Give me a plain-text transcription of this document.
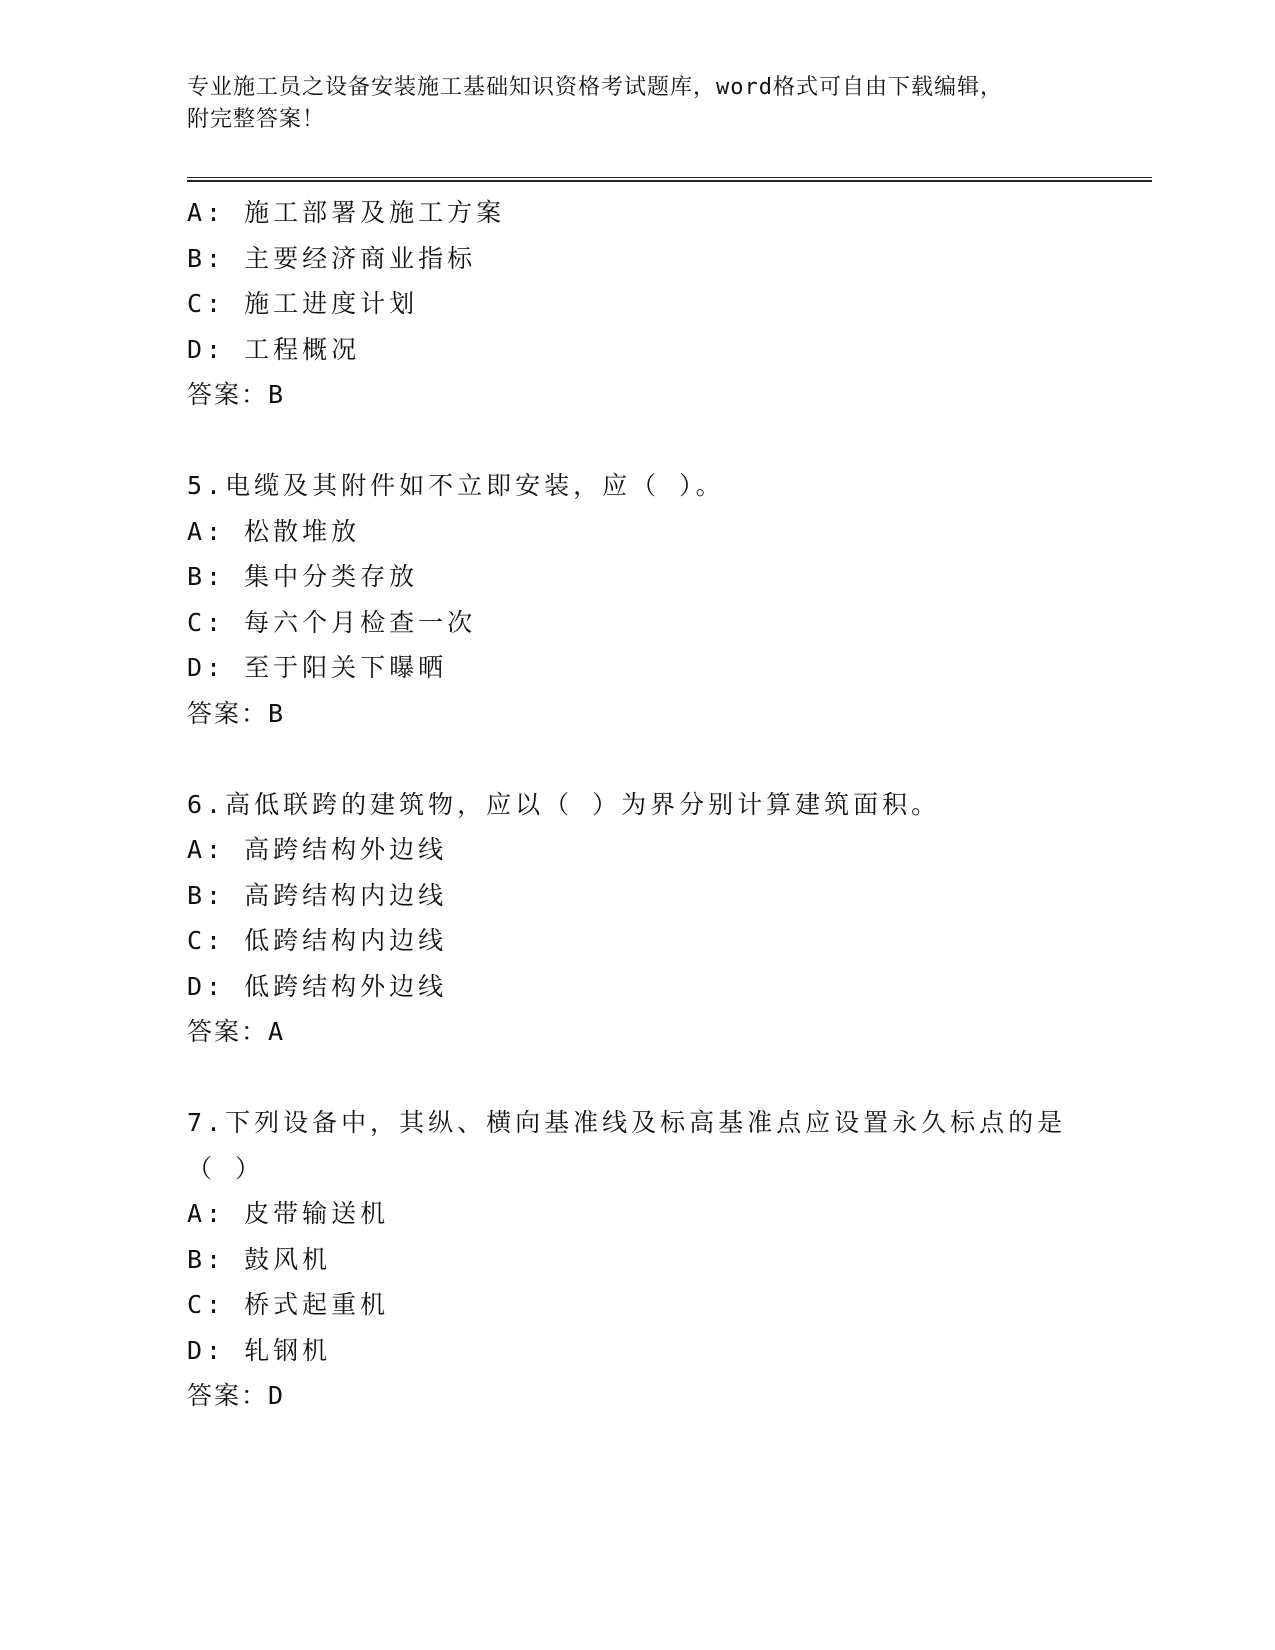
专业施工员之设备安装施工基础知识资格考试题库，word格式可自由下载编辑，
附完整答案！
A: 施工部署及施工方案
B: 主要经济商业指标
C: 施工进度计划
D: 工程概况
答案：B
5.电缆及其附件如不立即安装，应（ ）。
A: 松散堆放
B: 集中分类存放
C: 每六个月检查一次
D: 至于阳关下曝晒
答案：B
6.高低联跨的建筑物，应以（ ）为界分别计算建筑面积。
A: 高跨结构外边线
B: 高跨结构内边线
C: 低跨结构内边线
D: 低跨结构外边线
答案：A
7.下列设备中，其纵、横向基准线及标高基准点应设置永久标点的是
（ ）
A: 皮带输送机
B: 鼓风机
C: 桥式起重机
D: 轧钢机
答案：D
